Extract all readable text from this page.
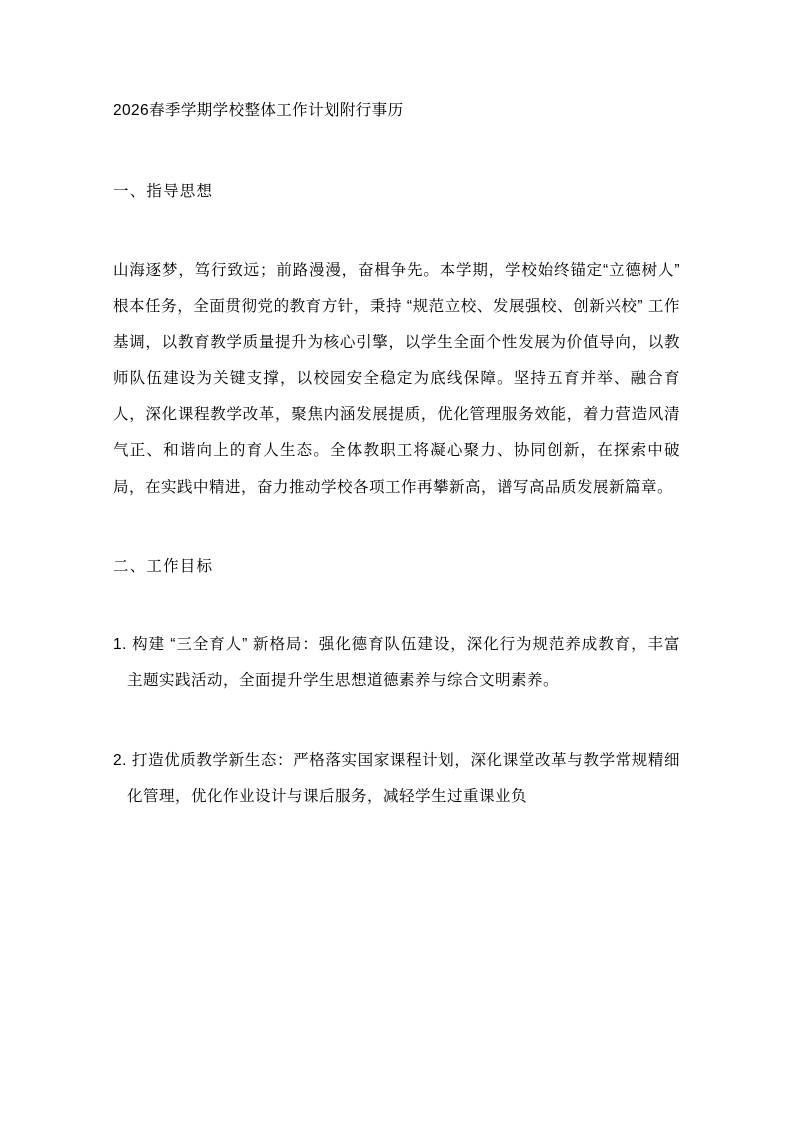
2026春季学期学校整体工作计划附行事历
一、指导思想
山海逐梦，笃行致远；前路漫漫，奋楫争先。本学期，学校始终锚定“立德树人” 根本任务，全面贯彻党的教育方针，秉持 “规范立校、发展强校、创新兴校” 工作基调，以教育教学质量提升为核心引擎，以学生全面个性发展为价值导向，以教师队伍建设为关键支撑，以校园安全稳定为底线保障。坚持五育并举、融合育人，深化课程教学改革，聚焦内涵发展提质，优化管理服务效能，着力营造风清气正、和谐向上的育人生态。全体教职工将凝心聚力、协同创新，在探索中破局，在实践中精进，奋力推动学校各项工作再攀新高，谱写高品质发展新篇章。
二、工作目标
1. 构建 “三全育人” 新格局：强化德育队伍建设，深化行为规范养成教育，丰富主题实践活动，全面提升学生思想道德素养与综合文明素养。
2. 打造优质教学新生态：严格落实国家课程计划，深化课堂改革与教学常规精细化管理，优化作业设计与课后服务，减轻学生过重课业负
